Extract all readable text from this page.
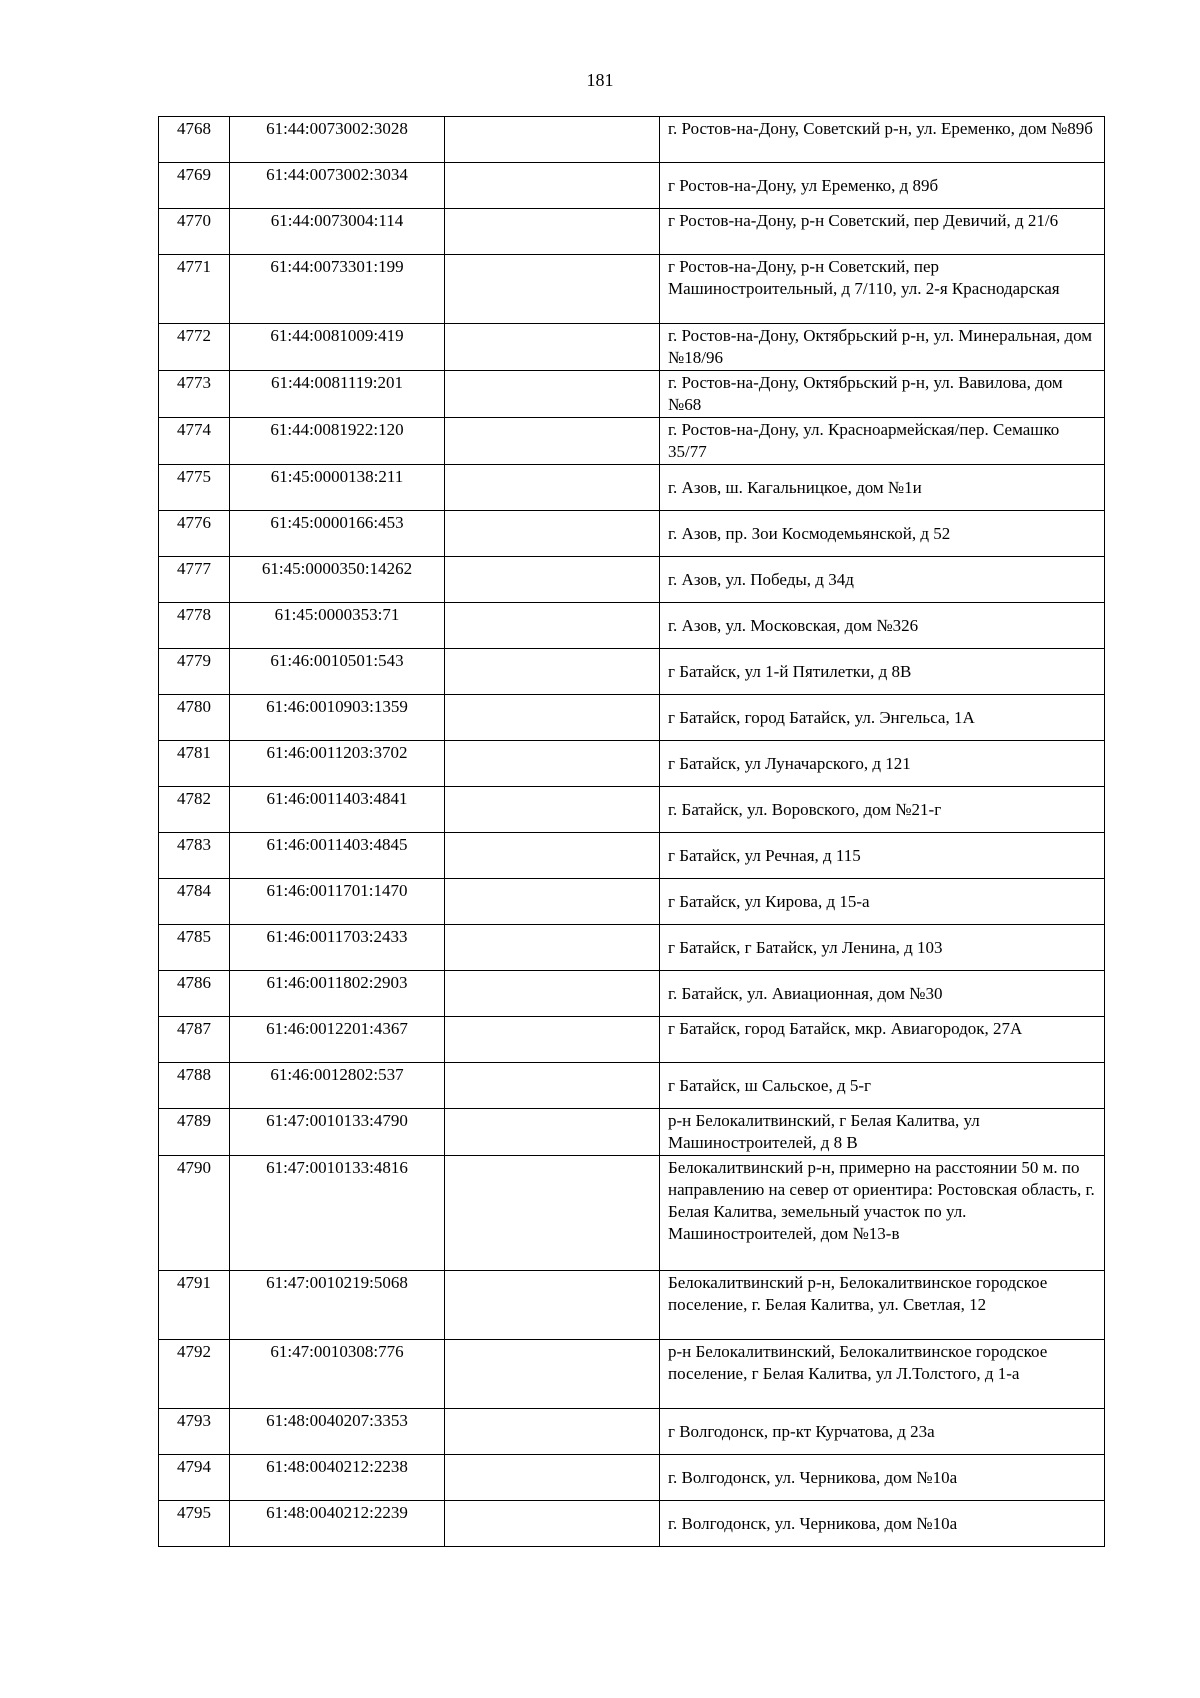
181
4768	61:44:0073002:3028		г. Ростов-на-Дону, Советский р-н, ул. Еременко, дом №89б
4769	61:44:0073002:3034		г Ростов-на-Дону, ул Еременко, д 89б
4770	61:44:0073004:114		г Ростов-на-Дону, р-н Советский, пер Девичий, д 21/6
4771	61:44:0073301:199		г Ростов-на-Дону, р-н Советский, пер Машиностроительный, д 7/110, ул. 2-я Краснодарская
4772	61:44:0081009:419		г. Ростов-на-Дону, Октябрьский р-н, ул. Минеральная, дом №18/96
4773	61:44:0081119:201		г. Ростов-на-Дону, Октябрьский р-н, ул. Вавилова, дом №68
4774	61:44:0081922:120		г. Ростов-на-Дону, ул. Красноармейская/пер. Семашко 35/77
4775	61:45:0000138:211		г. Азов, ш. Кагальницкое, дом №1и
4776	61:45:0000166:453		г. Азов, пр. Зои Космодемьянской, д 52
4777	61:45:0000350:14262		г. Азов, ул. Победы, д 34д
4778	61:45:0000353:71		г. Азов, ул. Московская, дом №326
4779	61:46:0010501:543		г Батайск, ул 1-й Пятилетки, д 8В
4780	61:46:0010903:1359		г Батайск, город Батайск, ул. Энгельса, 1А
4781	61:46:0011203:3702		г Батайск, ул Луначарского, д 121
4782	61:46:0011403:4841		г. Батайск, ул. Воровского, дом №21-г
4783	61:46:0011403:4845		г Батайск, ул Речная, д 115
4784	61:46:0011701:1470		г Батайск, ул Кирова, д 15-а
4785	61:46:0011703:2433		г Батайск, г Батайск, ул Ленина, д 103
4786	61:46:0011802:2903		г. Батайск, ул. Авиационная, дом №30
4787	61:46:0012201:4367		г Батайск, город Батайск, мкр. Авиагородок, 27А
4788	61:46:0012802:537		г Батайск, ш Сальское, д 5-г
4789	61:47:0010133:4790		р-н Белокалитвинский, г Белая Калитва, ул Машиностроителей, д 8 В
4790	61:47:0010133:4816		Белокалитвинский р-н, примерно на расстоянии 50 м. по направлению на север от ориентира: Ростовская область, г. Белая Калитва, земельный участок по ул. Машиностроителей, дом №13-в
4791	61:47:0010219:5068		Белокалитвинский р-н, Белокалитвинское городское поселение, г. Белая Калитва, ул. Светлая, 12
4792	61:47:0010308:776		р-н Белокалитвинский, Белокалитвинское городское поселение, г Белая Калитва, ул Л.Толстого, д 1-а
4793	61:48:0040207:3353		г Волгодонск, пр-кт Курчатова, д 23а
4794	61:48:0040212:2238		г. Волгодонск, ул. Черникова, дом №10а
4795	61:48:0040212:2239		г. Волгодонск, ул. Черникова, дом №10а
